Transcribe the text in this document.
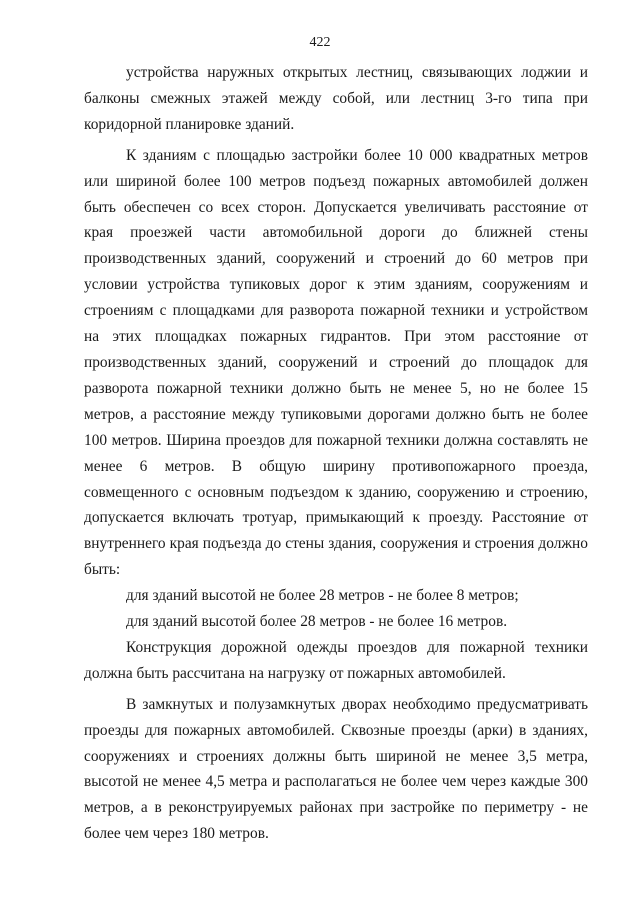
422

устройства наружных открытых лестниц, связывающих лоджии и балконы смежных этажей между собой, или лестниц 3-го типа при коридорной планировке зданий.

К зданиям с площадью застройки более 10 000 квадратных метров или шириной более 100 метров подъезд пожарных автомобилей должен быть обеспечен со всех сторон. Допускается увеличивать расстояние от края проезжей части автомобильной дороги до ближней стены производственных зданий, сооружений и строений до 60 метров при условии устройства тупиковых дорог к этим зданиям, сооружениям и строениям с площадками для разворота пожарной техники и устройством на этих площадках пожарных гидрантов. При этом расстояние от производственных зданий, сооружений и строений до площадок для разворота пожарной техники должно быть не менее 5, но не более 15 метров, а расстояние между тупиковыми дорогами должно быть не более 100 метров. Ширина проездов для пожарной техники должна составлять не менее 6 метров. В общую ширину противопожарного проезда, совмещенного с основным подъездом к зданию, сооружению и строению, допускается включать тротуар, примыкающий к проезду. Расстояние от внутреннего края подъезда до стены здания, сооружения и строения должно быть:

для зданий высотой не более 28 метров - не более 8 метров;

для зданий высотой более 28 метров - не более 16 метров.

Конструкция дорожной одежды проездов для пожарной техники должна быть рассчитана на нагрузку от пожарных автомобилей.

В замкнутых и полузамкнутых дворах необходимо предусматривать проезды для пожарных автомобилей. Сквозные проезды (арки) в зданиях, сооружениях и строениях должны быть шириной не менее 3,5 метра, высотой не менее 4,5 метра и располагаться не более чем через каждые 300 метров, а в реконструируемых районах при застройке по периметру - не более чем через 180 метров.
